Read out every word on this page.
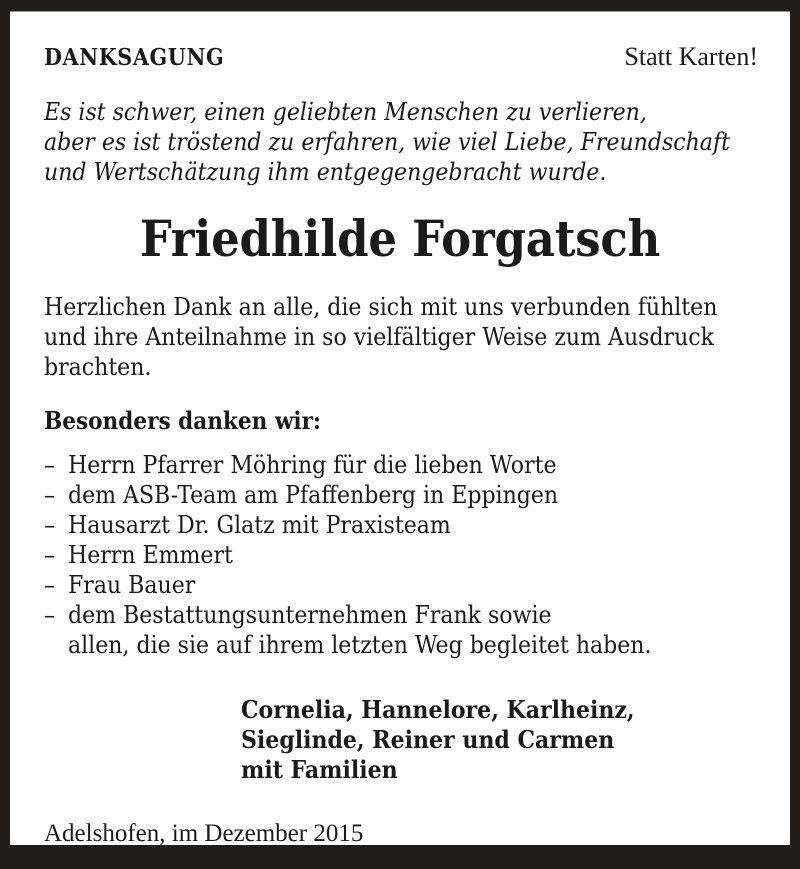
DANKSAGUNG	Statt Karten!
Es ist schwer, einen geliebten Menschen zu verlieren,
aber es ist tröstend zu erfahren, wie viel Liebe, Freundschaft
und Wertschätzung ihm entgegengebracht wurde.
Friedhilde Forgatsch
Herzlichen Dank an alle, die sich mit uns verbunden fühlten
und ihre Anteilnahme in so vielfältiger Weise zum Ausdruck
brachten.
Besonders danken wir:
– Herrn Pfarrer Möhring für die lieben Worte
– dem ASB-Team am Pfaffenberg in Eppingen
– Hausarzt Dr. Glatz mit Praxisteam
– Herrn Emmert
– Frau Bauer
– dem Bestattungsunternehmen Frank sowie
allen, die sie auf ihrem letzten Weg begleitet haben.
Cornelia, Hannelore, Karlheinz,
Sieglinde, Reiner und Carmen
mit Familien
Adelshofen, im Dezember 2015
